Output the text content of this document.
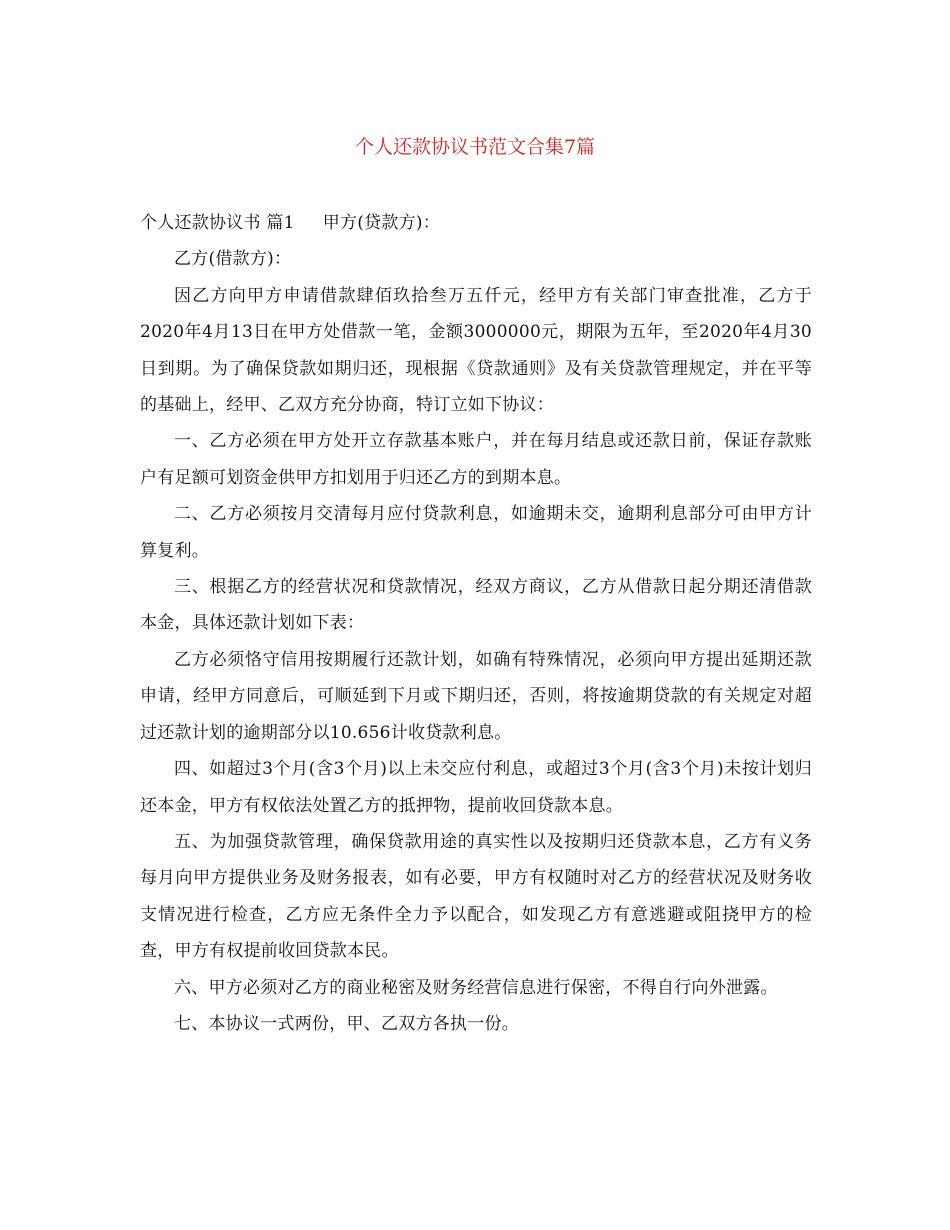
个人还款协议书范文合集7篇

个人还款协议书 篇1 甲方(贷款方)：

乙方(借款方)：

因乙方向甲方申请借款肆佰玖拾叁万五仟元，经甲方有关部门审查批准，乙方于2020年4月13日在甲方处借款一笔，金额3000000元，期限为五年，至2020年4月30日到期。为了确保贷款如期归还，现根据《贷款通则》及有关贷款管理规定，并在平等的基础上，经甲、乙双方充分协商，特订立如下协议：

一、乙方必须在甲方处开立存款基本账户，并在每月结息或还款日前，保证存款账户有足额可划资金供甲方扣划用于归还乙方的到期本息。

二、乙方必须按月交清每月应付贷款利息，如逾期未交，逾期利息部分可由甲方计算复利。

三、根据乙方的经营状况和贷款情况，经双方商议，乙方从借款日起分期还清借款本金，具体还款计划如下表：

乙方必须恪守信用按期履行还款计划，如确有特殊情况，必须向甲方提出延期还款申请，经甲方同意后，可顺延到下月或下期归还，否则，将按逾期贷款的有关规定对超过还款计划的逾期部分以10.656计收贷款利息。

四、如超过3个月(含3个月)以上未交应付利息，或超过3个月(含3个月)未按计划归还本金，甲方有权依法处置乙方的抵押物，提前收回贷款本息。

五、为加强贷款管理，确保贷款用途的真实性以及按期归还贷款本息，乙方有义务每月向甲方提供业务及财务报表，如有必要，甲方有权随时对乙方的经营状况及财务收支情况进行检查，乙方应无条件全力予以配合，如发现乙方有意逃避或阻挠甲方的检查，甲方有权提前收回贷款本民。

六、甲方必须对乙方的商业秘密及财务经营信息进行保密，不得自行向外泄露。

七、本协议一式两份，甲、乙双方各执一份。
